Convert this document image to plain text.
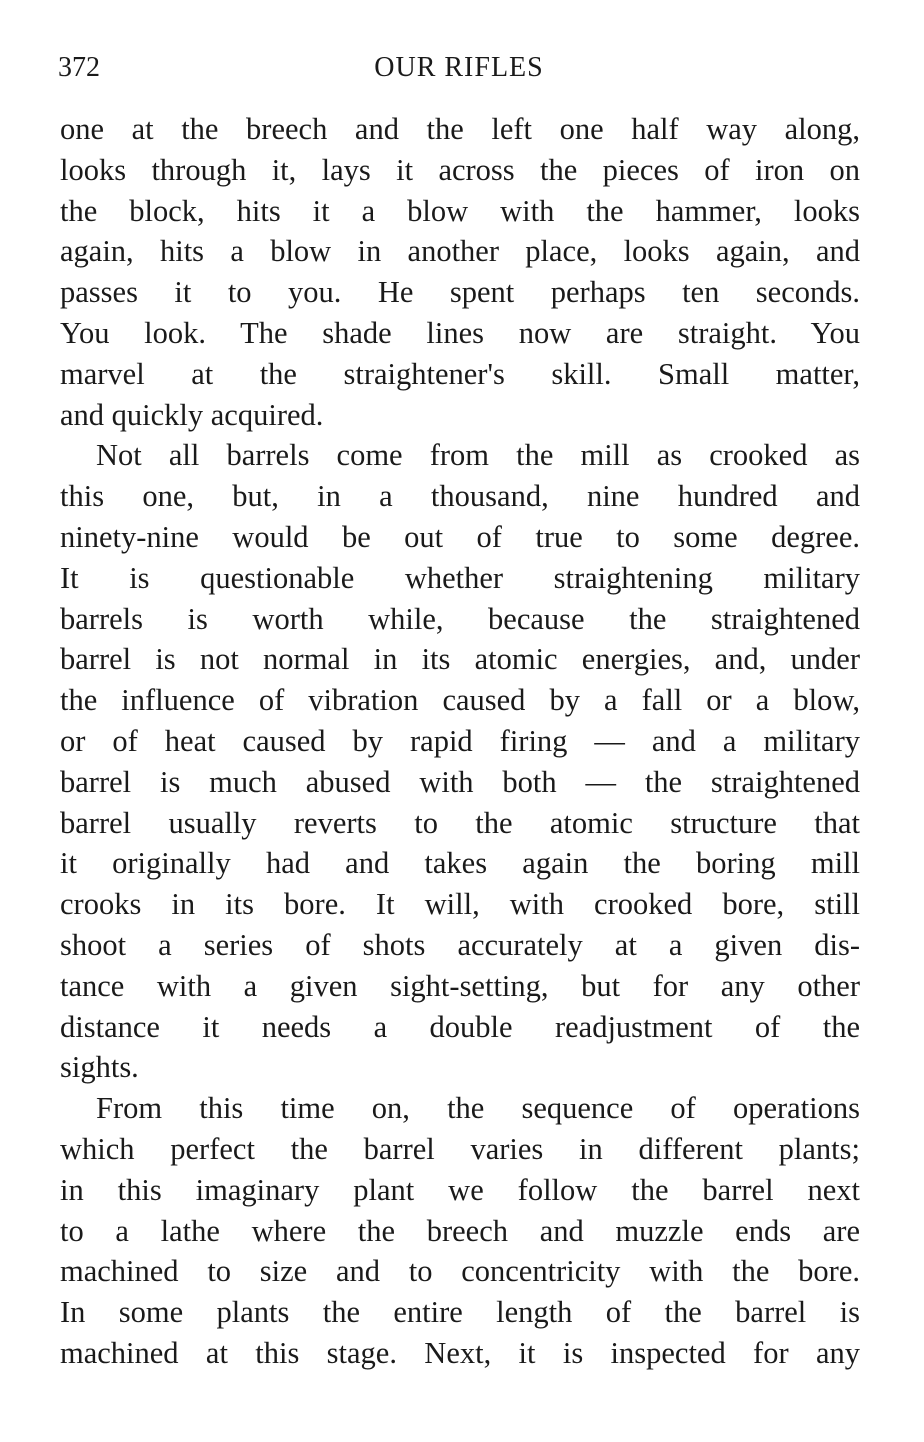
372	OUR RIFLES

one at the breech and the left one half way along,
looks through it, lays it across the pieces of iron on
the block, hits it a blow with the hammer, looks
again, hits a blow in another place, looks again, and
passes it to you. He spent perhaps ten seconds.
You look. The shade lines now are straight. You
marvel at the straightener's skill. Small matter,
and quickly acquired.

Not all barrels come from the mill as crooked as
this one, but, in a thousand, nine hundred and
ninety-nine would be out of true to some degree.
It is questionable whether straightening military
barrels is worth while, because the straightened
barrel is not normal in its atomic energies, and, under
the influence of vibration caused by a fall or a blow,
or of heat caused by rapid firing — and a military
barrel is much abused with both — the straightened
barrel usually reverts to the atomic structure that
it originally had and takes again the boring mill
crooks in its bore. It will, with crooked bore, still
shoot a series of shots accurately at a given dis-
tance with a given sight-setting, but for any other
distance it needs a double readjustment of the
sights.

From this time on, the sequence of operations
which perfect the barrel varies in different plants;
in this imaginary plant we follow the barrel next
to a lathe where the breech and muzzle ends are
machined to size and to concentricity with the bore.
In some plants the entire length of the barrel is
machined at this stage. Next, it is inspected for any
